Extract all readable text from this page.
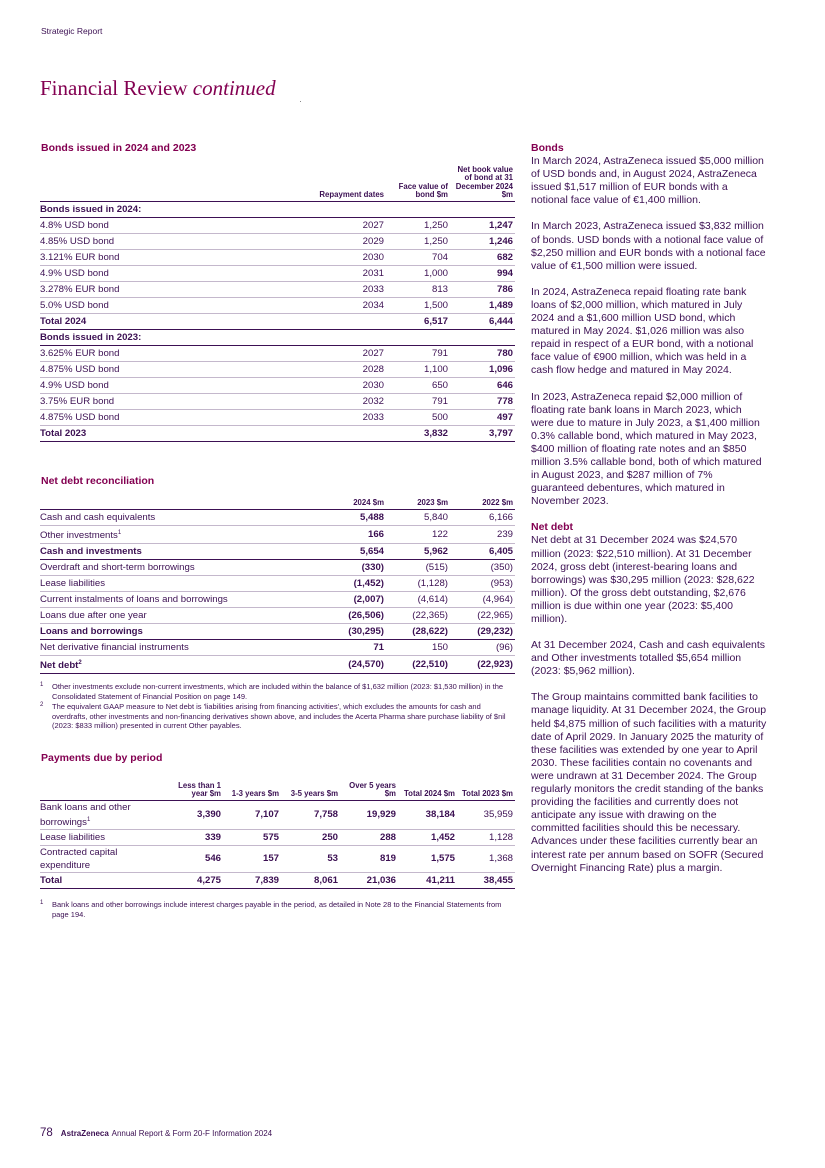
Strategic Report
Financial Review continued
Bonds issued in 2024 and 2023
	Repayment dates	Face value of bond $m	Net book value of bond at 31 December 2024 $m
Bonds issued in 2024:			
4.8% USD bond	2027	1,250	1,247
4.85% USD bond	2029	1,250	1,246
3.121% EUR bond	2030	704	682
4.9% USD bond	2031	1,000	994
3.278% EUR bond	2033	813	786
5.0% USD bond	2034	1,500	1,489
Total 2024		6,517	6,444
Bonds issued in 2023:			
3.625% EUR bond	2027	791	780
4.875% USD bond	2028	1,100	1,096
4.9% USD bond	2030	650	646
3.75% EUR bond	2032	791	778
4.875% USD bond	2033	500	497
Total 2023		3,832	3,797
Net debt reconciliation
	2024 $m	2023 $m	2022 $m
Cash and cash equivalents	5,488	5,840	6,166
Other investments$^1$	166	122	239
Cash and investments	5,654	5,962	6,405
Overdraft and short-term borrowings	(330)	(515)	(350)
Lease liabilities	(1,452)	(1,128)	(953)
Current instalments of loans and borrowings	(2,007)	(4,614)	(4,964)
Loans due after one year	(26,506)	(22,365)	(22,965)
Loans and borrowings	(30,295)	(28,622)	(29,232)
Net derivative financial instruments	71	150	(96)
Net debt$^2$	(24,570)	(22,510)	(22,923)
1 Other investments exclude non-current investments, which are included within the balance of $1,632 million (2023: $1,530 million) in the Consolidated Statement of Financial Position on page 149.
2 The equivalent GAAP measure to Net debt is 'liabilities arising from financing activities', which excludes the amounts for cash and overdrafts, other investments and non-financing derivatives shown above, and includes the Acerta Pharma share purchase liability of $nil (2023: $833 million) presented in current Other payables.
Payments due by period
	Less than 1 year $m	1-3 years $m	3-5 years $m	Over 5 years $m	Total 2024 $m	Total 2023 $m
Bank loans and other borrowings$^1$	3,390	7,107	7,758	19,929	38,184	35,959
Lease liabilities	339	575	250	288	1,452	1,128
Contracted capital expenditure	546	157	53	819	1,575	1,368
Total	4,275	7,839	8,061	21,036	41,211	38,455
1 Bank loans and other borrowings include interest charges payable in the period, as detailed in Note 28 to the Financial Statements from page 194.
Bonds

In March 2024, AstraZeneca issued $5,000 million of USD bonds and, in August 2024, AstraZeneca issued $1,517 million of EUR bonds with a notional face value of €1,400 million.

In March 2023, AstraZeneca issued $3,832 million of bonds. USD bonds with a notional face value of $2,250 million and EUR bonds with a notional face value of €1,500 million were issued.

In 2024, AstraZeneca repaid floating rate bank loans of $2,000 million, which matured in July 2024 and a $1,600 million USD bond, which matured in May 2024. $1,026 million was also repaid in respect of a EUR bond, with a notional face value of €900 million, which was held in a cash flow hedge and matured in May 2024.

In 2023, AstraZeneca repaid $2,000 million of floating rate bank loans in March 2023, which were due to mature in July 2023, a $1,400 million 0.3% callable bond, which matured in May 2023, $400 million of floating rate notes and an $850 million 3.5% callable bond, both of which matured in August 2023, and $287 million of 7% guaranteed debentures, which matured in November 2023.

Net debt

Net debt at 31 December 2024 was $24,570 million (2023: $22,510 million). At 31 December 2024, gross debt (interest-bearing loans and borrowings) was $30,295 million (2023: $28,622 million). Of the gross debt outstanding, $2,676 million is due within one year (2023: $5,400 million).

At 31 December 2024, Cash and cash equivalents and Other investments totalled $5,654 million (2023: $5,962 million).

The Group maintains committed bank facilities to manage liquidity. At 31 December 2024, the Group held $4,875 million of such facilities with a maturity date of April 2029. In January 2025 the maturity of these facilities was extended by one year to April 2030. These facilities contain no covenants and were undrawn at 31 December 2024. The Group regularly monitors the credit standing of the banks providing the facilities and currently does not anticipate any issue with drawing on the committed facilities should this be necessary. Advances under these facilities currently bear an interest rate per annum based on SOFR (Secured Overnight Financing Rate) plus a margin.

78 AstraZeneca Annual Report & Form 20-F Information 2024
